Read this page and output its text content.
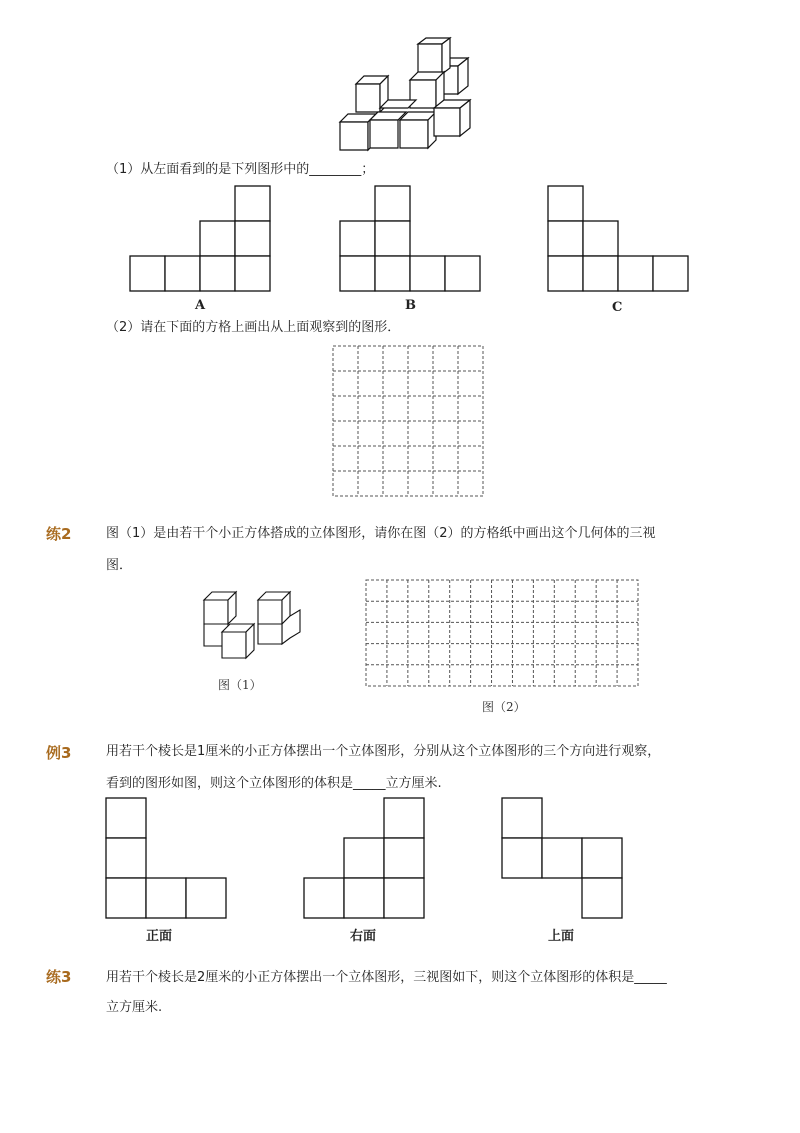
（1）从左面看到的是下列图形中的________；
A	B	C
（2）请在下面的方格上画出从上面观察到的图形．
练2	图（1）是由若干个小正方体搭成的立体图形，请你在图（2）的方格纸中画出这个几何体的三视
图．
图（1）
图（2）
例3	用若干个棱长是1厘米的小正方体摆出一个立体图形，分别从这个立体图形的三个方向进行观察，
看到的图形如图，则这个立体图形的体积是_____立方厘米.
正面	右面	上面
练3	用若干个棱长是2厘米的小正方体摆出一个立体图形，三视图如下，则这个立体图形的体积是_____
立方厘米.
